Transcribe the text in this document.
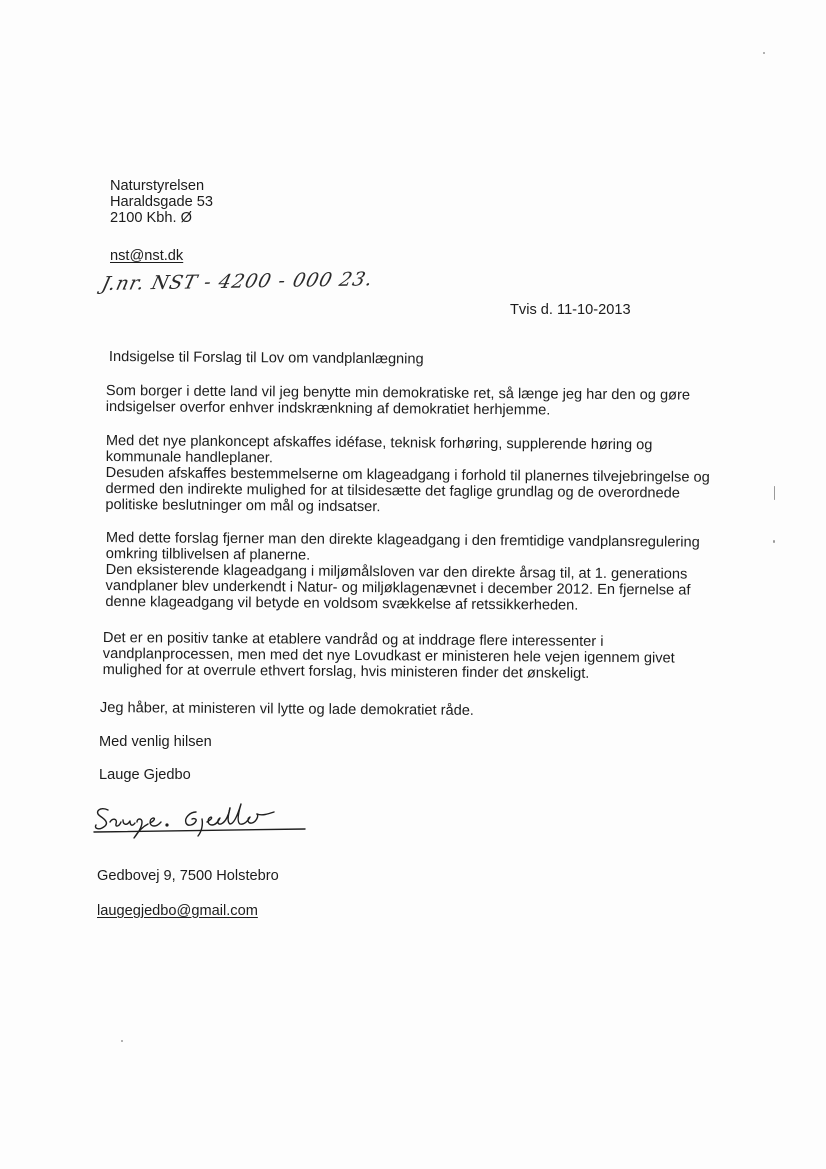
Naturstyrelsen
Haraldsgade 53
2100 Kbh. Ø
nst@nst.dk
J.nr. NST - 4200 - 000 23.
Tvis d. 11-10-2013
Indsigelse til Forslag til Lov om vandplanlægning
Som borger i dette land vil jeg benytte min demokratiske ret, så længe jeg har den og gøre
indsigelser overfor enhver indskrænkning af demokratiet herhjemme.
Med det nye plankoncept afskaffes idéfase, teknisk forhøring, supplerende høring og
kommunale handleplaner.
Desuden afskaffes bestemmelserne om klageadgang i forhold til planernes tilvejebringelse og
dermed den indirekte mulighed for at tilsidesætte det faglige grundlag og de overordnede
politiske beslutninger om mål og indsatser.
Med dette forslag fjerner man den direkte klageadgang i den fremtidige vandplansregulering
omkring tilblivelsen af planerne.
Den eksisterende klageadgang i miljømålsloven var den direkte årsag til, at 1. generations
vandplaner blev underkendt i Natur- og miljøklagenævnet i december 2012. En fjernelse af
denne klageadgang vil betyde en voldsom svækkelse af retssikkerheden.
Det er en positiv tanke at etablere vandråd og at inddrage flere interessenter i
vandplanprocessen, men med det nye Lovudkast er ministeren hele vejen igennem givet
mulighed for at overrule ethvert forslag, hvis ministeren finder det ønskeligt.
Jeg håber, at ministeren vil lytte og lade demokratiet råde.
Med venlig hilsen
Lauge Gjedbo
Gedbovej 9, 7500 Holstebro
laugegjedbo@gmail.com
